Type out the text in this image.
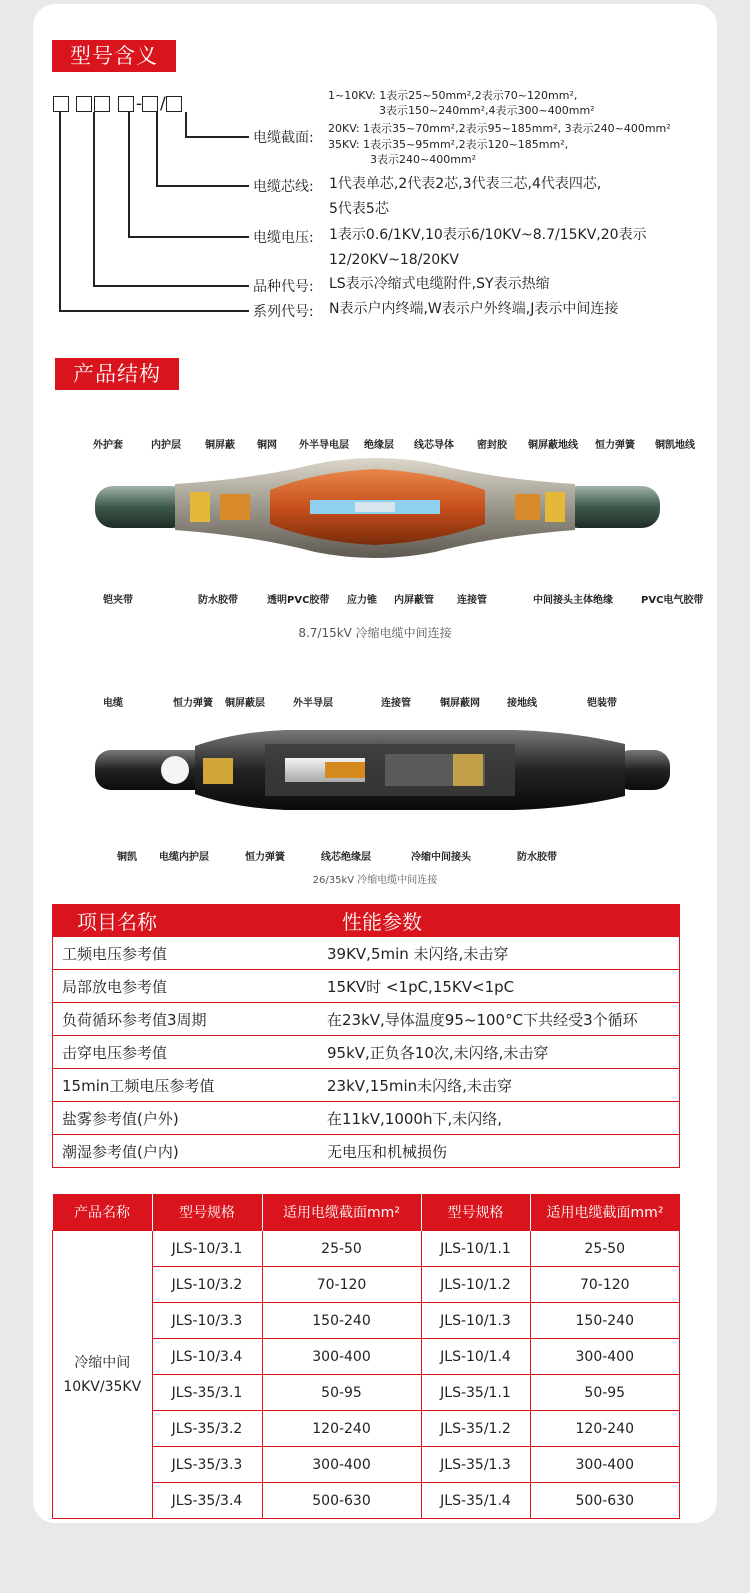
型号含义
- /
电缆截面:
1~10KV: 1表示25~50mm²,2表示70~120mm²,
3表示150~240mm²,4表示300~400mm²
20KV: 1表示35~70mm²,2表示95~185mm², 3表示240~400mm²
35KV: 1表示35~95mm²,2表示120~185mm²,
3表示240~400mm²
电缆芯线: 1代表单芯,2代表2芯,3代表三芯,4代表四芯,
5代表5芯
电缆电压: 1表示0.6/1KV,10表示6/10KV~8.7/15KV,20表示
12/20KV~18/20KV
品种代号: LS表示冷缩式电缆附件,SY表示热缩
系列代号: N表示户内终端,W表示户外终端,J表示中间连接
产品结构
外护套	内护层 铜屏蔽 铜网 外半导电层 绝缘层 线芯导体 密封胶 铜屏蔽地线 恒力弹簧 铜凯地线
铠夹带	防水胶带	透明PVC胶带 应力锥 内屏蔽管 连接管	中间接头主体绝缘	PVC电气胶带
8.7/15kV 冷缩电缆中间连接
电缆	恒力弹簧 铜屏蔽层	外半导层	连接管	铜屏蔽网	接地线	铠装带
铜凯 电缆内护层	恒力弹簧	线芯绝缘层	冷缩中间接头	防水胶带
26/35kV 冷缩电缆中间连接
项目名称	性能参数
工频电压参考值	39KV,5min 未闪络,未击穿
局部放电参考值	15KV时 <1pC,15KV<1pC
负荷循环参考值3周期	在23kV,导体温度95~100°C下共经受3个循环
击穿电压参考值	95kV,正负各10次,未闪络,未击穿
15min工频电压参考值	23kV,15min未闪络,未击穿
盐雾参考值(户外)	在11kV,1000h下,未闪络,
潮湿参考值(户内)	无电压和机械损伤
产品名称	型号规格	适用电缆截面mm²	型号规格	适用电缆截面mm²
冷缩中间
10KV/35KV	JLS-10/3.1	25-50	JLS-10/1.1	25-50
	JLS-10/3.2	70-120	JLS-10/1.2	70-120
	JLS-10/3.3	150-240	JLS-10/1.3	150-240
	JLS-10/3.4	300-400	JLS-10/1.4	300-400
	JLS-35/3.1	50-95	JLS-35/1.1	50-95
	JLS-35/3.2	120-240	JLS-35/1.2	120-240
	JLS-35/3.3	300-400	JLS-35/1.3	300-400
	JLS-35/3.4	500-630	JLS-35/1.4	500-630
